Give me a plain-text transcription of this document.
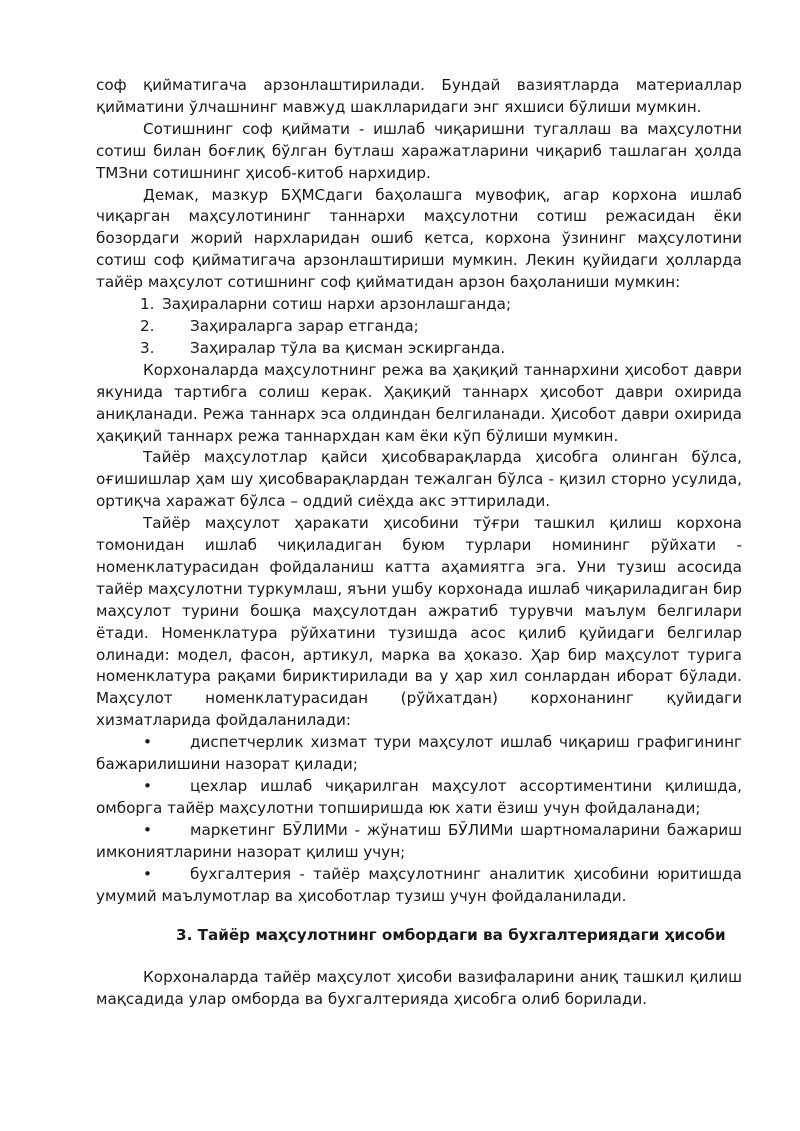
соф қийматигача арзонлаштирилади. Бундай вазиятларда материаллар қийматини ўлчашнинг мавжуд шаклларидаги энг яхшиси бўлиши мумкин.

Сотишнинг соф қиймати - ишлаб чиқаришни тугаллаш ва маҳсулотни сотиш билан боғлиқ бўлган бутлаш харажатларини чиқариб ташлаган ҳолда ТМЗни сотишнинг ҳисоб-китоб нархидир.

Демак, мазкур БҲМСдаги баҳолашга мувофиқ, агар корхона ишлаб чиқарган маҳсулотининг таннархи маҳсулотни сотиш режасидан ёки бозордаги жорий нархларидан ошиб кетса, корхона ўзининг маҳсулотини сотиш соф қийматигача арзонлаштириши мумкин. Лекин қуйидаги ҳолларда тайёр маҳсулот сотишнинг соф қийматидан арзон баҳоланиши мумкин:

1. Заҳираларни сотиш нархи арзонлашганда;
2.	Заҳираларга зарар етганда;
3.	Заҳиралар тўла ва қисман эскирганда.

Корхоналарда маҳсулотнинг режа ва ҳақиқий таннархини ҳисобот даври якунида тартибга солиш керак. Ҳақиқий таннарх ҳисобот даври охирида аниқланади. Режа таннарх эса олдиндан белгиланади. Ҳисобот даври охирида ҳақиқий таннарх режа таннархдан кам ёки кўп бўлиши мумкин.

Тайёр маҳсулотлар қайси ҳисобварақларда ҳисобга олинган бўлса, оғишишлар ҳам шу ҳисобварақлардан тежалган бўлса - қизил сторно усулида, ортиқча харажат бўлса – оддий сиёҳда акс эттирилади.

Тайёр маҳсулот ҳаракати ҳисобини тўғри ташкил қилиш корхона томонидан ишлаб чиқиладиган буюм турлари номининг рўйхати - номенклатурасидан фойдаланиш катта аҳамиятга эга. Уни тузиш асосида тайёр маҳсулотни туркумлаш, яъни ушбу корхонада ишлаб чиқариладиган бир маҳсулот турини бошқа маҳсулотдан ажратиб турувчи маълум белгилари ётади. Номенклатура рўйхатини тузишда асос қилиб қуйидаги белгилар олинади: модел, фасон, артикул, марка ва ҳоказо. Ҳар бир маҳсулот турига номенклатура рақами бириктирилади ва у ҳар хил сонлардан иборат бўлади. Маҳсулот номенклатурасидан (рўйхатдан) корхонанинг қуйидаги хизматларида фойдаланилади:

•	диспетчерлик хизмат тури маҳсулот ишлаб чиқариш графигининг бажарилишини назорат қилади;

•	цехлар ишлаб чиқарилган маҳсулот ассортиментини қилишда, омборга тайёр маҳсулотни топширишда юк хати ёзиш учун фойдаланади;

•	маркетинг БЎЛИМи - жўнатиш БЎЛИМи шартномаларини бажариш имкониятларини назорат қилиш учун;

•	бухгалтерия - тайёр маҳсулотнинг аналитик ҳисобини юритишда умумий маълумотлар ва ҳисоботлар тузиш учун фойдаланилади.

3. Тайёр маҳсулотнинг омбордаги ва бухгалтериядаги ҳисоби

Корхоналарда тайёр маҳсулот ҳисоби вазифаларини аниқ ташкил қилиш мақсадида улар омборда ва бухгалтерияда ҳисобга олиб борилади.
